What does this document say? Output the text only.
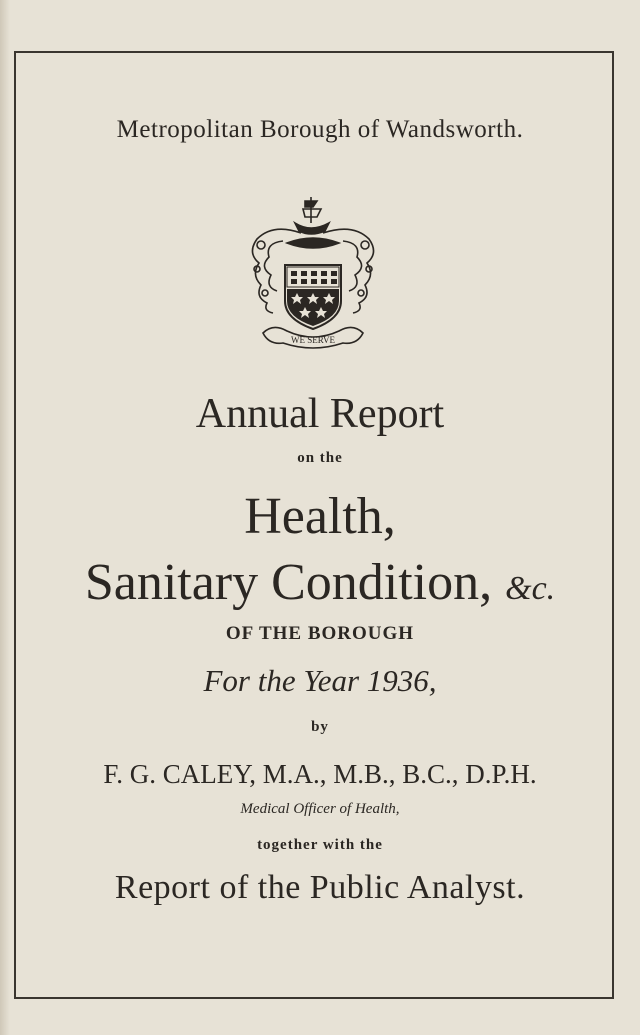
Metropolitan Borough of Wandsworth.
WE SERVE
Annual Report
on the
Health,
Sanitary Condition, &c.
OF THE BOROUGH
For the Year 1936,
by
F. G. CALEY, M.A., M.B., B.C., D.P.H.
Medical Officer of Health,
together with the
Report of the Public Analyst.
